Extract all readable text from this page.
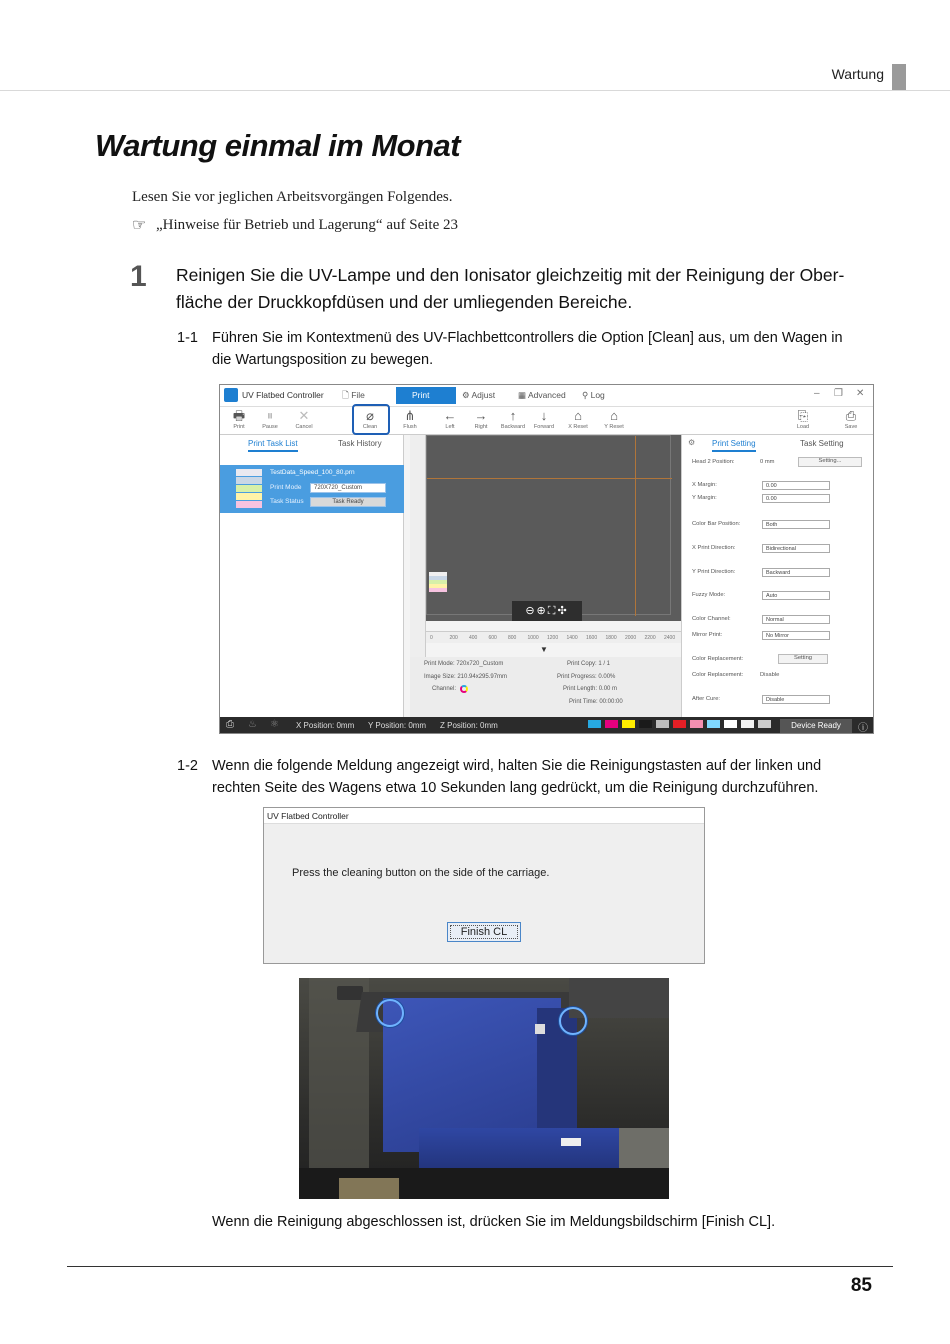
Wartung
Wartung einmal im Monat

Lesen Sie vor jeglichen Arbeitsvorgängen Folgendes.

☞ „Hinweise für Betrieb und Lagerung“ auf Seite 23
1 Reinigen Sie die UV-Lampe und den Ionisator gleichzeitig mit der Reinigung der Ober-
fläche der Druckkopfdüsen und der umliegenden Bereiche.
1-1 Führen Sie im Kontextmenü des UV-Flachbettcontrollers die Option [Clean] aus, um den Wagen in
die Wartungsposition zu bewegen.
UV Flatbed Controller 🗋 File	Print	⚙ Adjust	▦ Advanced ⚲ Log	– ❐ ✕
🖶
Print
⏸
Pause
✕
Cancel
⌀
Clean
⋔
Flush
←
Left
→
Right
↑
Backward
↓
Forward
⌂
X Reset
⌂
Y Reset
⎘
Load
⎙
Save
Print Task List	Task History
TestData_Speed_100_80.prn
Print Mode	720X720_Custom
Task Status	Task Ready
⊖⊕⛶✣
0	200 400 600 800 1000 1200 1400 1600 1800 2000 2200 2400
▼
Print Mode: 720x720_Custom
Image Size: 210.94x295.97mm
Channel:
Print Copy: 1 / 1
Print Progress: 0.00%
Print Length: 0.00 m
Print Time: 00:00:00
⚙ Print Setting	Task Setting
Head 2 Position:	0 mm	Setting...
X Margin:	0.00
Y Margin:	0.00
Color Bar Position:	Both
X Print Direction:	Bidirectional
Y Print Direction:	Backward
Fuzzy Mode:	Auto
Color Channel:	Normal
Mirror Print:	No Mirror
Color Replacement:	Setting
Color Replacement:	Disable
After Cure:	Disable
⎙ ♨ ⚛ X Position: 0mm Y Position: 0mm Z Position: 0mm	Device Ready	ⓘ
1-2 Wenn die folgende Meldung angezeigt wird, halten Sie die Reinigungstasten auf der linken und
rechten Seite des Wagens etwa 10 Sekunden lang gedrückt, um die Reinigung durchzuführen.
UV Flatbed Controller
Press the cleaning button on the side of the carriage.
Finish CL

Wenn die Reinigung abgeschlossen ist, drücken Sie im Meldungsbildschirm [Finish CL].

85
